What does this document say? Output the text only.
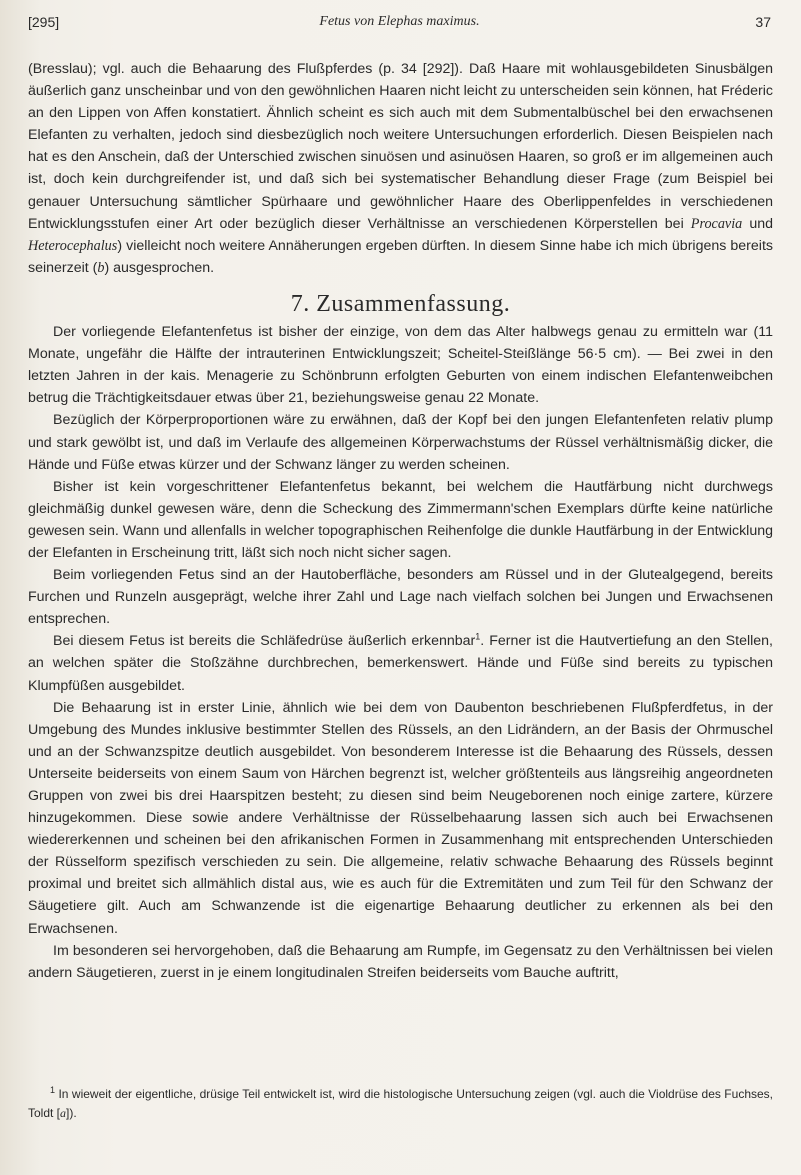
[295]	Fetus von Elephas maximus.	37

(Bresslau); vgl. auch die Behaarung des Flußpferdes (p. 34 [292]). Daß Haare mit wohlausgebildeten Sinusbälgen äußerlich ganz unscheinbar und von den gewöhnlichen Haaren nicht leicht zu unterscheiden sein können, hat Fréderic an den Lippen von Affen konstatiert. Ähnlich scheint es sich auch mit dem Submentalbüschel bei den erwachsenen Elefanten zu verhalten, jedoch sind diesbezüglich noch weitere Untersuchungen erforderlich. Diesen Beispielen nach hat es den Anschein, daß der Unterschied zwischen sinuösen und asinuösen Haaren, so groß er im allgemeinen auch ist, doch kein durchgreifender ist, und daß sich bei systematischer Behandlung dieser Frage (zum Beispiel bei genauer Untersuchung sämtlicher Spürhaare und gewöhnlicher Haare des Oberlippenfeldes in verschiedenen Entwicklungsstufen einer Art oder bezüglich dieser Verhältnisse an verschiedenen Körperstellen bei Procavia und Heterocephalus) vielleicht noch weitere Annäherungen ergeben dürften. In diesem Sinne habe ich mich übrigens bereits seinerzeit (b) ausgesprochen.

7. Zusammenfassung.

Der vorliegende Elefantenfetus ist bisher der einzige, von dem das Alter halbwegs genau zu ermitteln war (11 Monate, ungefähr die Hälfte der intrauterinen Entwicklungszeit; Scheitel-Steißlänge 56·5 cm). — Bei zwei in den letzten Jahren in der kais. Menagerie zu Schönbrunn erfolgten Geburten von einem indischen Elefantenweibchen betrug die Trächtigkeitsdauer etwas über 21, beziehungsweise genau 22 Monate.

Bezüglich der Körperproportionen wäre zu erwähnen, daß der Kopf bei den jungen Elefantenfeten relativ plump und stark gewölbt ist, und daß im Verlaufe des allgemeinen Körperwachstums der Rüssel verhältnismäßig dicker, die Hände und Füße etwas kürzer und der Schwanz länger zu werden scheinen.

Bisher ist kein vorgeschrittener Elefantenfetus bekannt, bei welchem die Hautfärbung nicht durchwegs gleichmäßig dunkel gewesen wäre, denn die Scheckung des Zimmermann'schen Exemplars dürfte keine natürliche gewesen sein. Wann und allenfalls in welcher topographischen Reihenfolge die dunkle Hautfärbung in der Entwicklung der Elefanten in Erscheinung tritt, läßt sich noch nicht sicher sagen.

Beim vorliegenden Fetus sind an der Hautoberfläche, besonders am Rüssel und in der Glutealgegend, bereits Furchen und Runzeln ausgeprägt, welche ihrer Zahl und Lage nach vielfach solchen bei Jungen und Erwachsenen entsprechen.

Bei diesem Fetus ist bereits die Schläfedrüse äußerlich erkennbar$^1$. Ferner ist die Hautvertiefung an den Stellen, an welchen später die Stoßzähne durchbrechen, bemerkenswert. Hände und Füße sind bereits zu typischen Klumpfüßen ausgebildet.

Die Behaarung ist in erster Linie, ähnlich wie bei dem von Daubenton beschriebenen Flußpferdfetus, in der Umgebung des Mundes inklusive bestimmter Stellen des Rüssels, an den Lidrändern, an der Basis der Ohrmuschel und an der Schwanzspitze deutlich ausgebildet. Von besonderem Interesse ist die Behaarung des Rüssels, dessen Unterseite beiderseits von einem Saum von Härchen begrenzt ist, welcher größtenteils aus längsreihig angeordneten Gruppen von zwei bis drei Haarspitzen besteht; zu diesen sind beim Neugeborenen noch einige zartere, kürzere hinzugekommen. Diese sowie andere Verhältnisse der Rüsselbehaarung lassen sich auch bei Erwachsenen wiedererkennen und scheinen bei den afrikanischen Formen in Zusammenhang mit entsprechenden Unterschieden der Rüsselform spezifisch verschieden zu sein. Die allgemeine, relativ schwache Behaarung des Rüssels beginnt proximal und breitet sich allmählich distal aus, wie es auch für die Extremitäten und zum Teil für den Schwanz der Säugetiere gilt. Auch am Schwanzende ist die eigenartige Behaarung deutlicher zu erkennen als bei den Erwachsenen.

Im besonderen sei hervorgehoben, daß die Behaarung am Rumpfe, im Gegensatz zu den Verhältnissen bei vielen andern Säugetieren, zuerst in je einem longitudinalen Streifen beiderseits vom Bauche auftritt,

$^1$ In wieweit der eigentliche, drüsige Teil entwickelt ist, wird die histologische Untersuchung zeigen (vgl. auch die Violdrüse des Fuchses, Toldt [a]).
